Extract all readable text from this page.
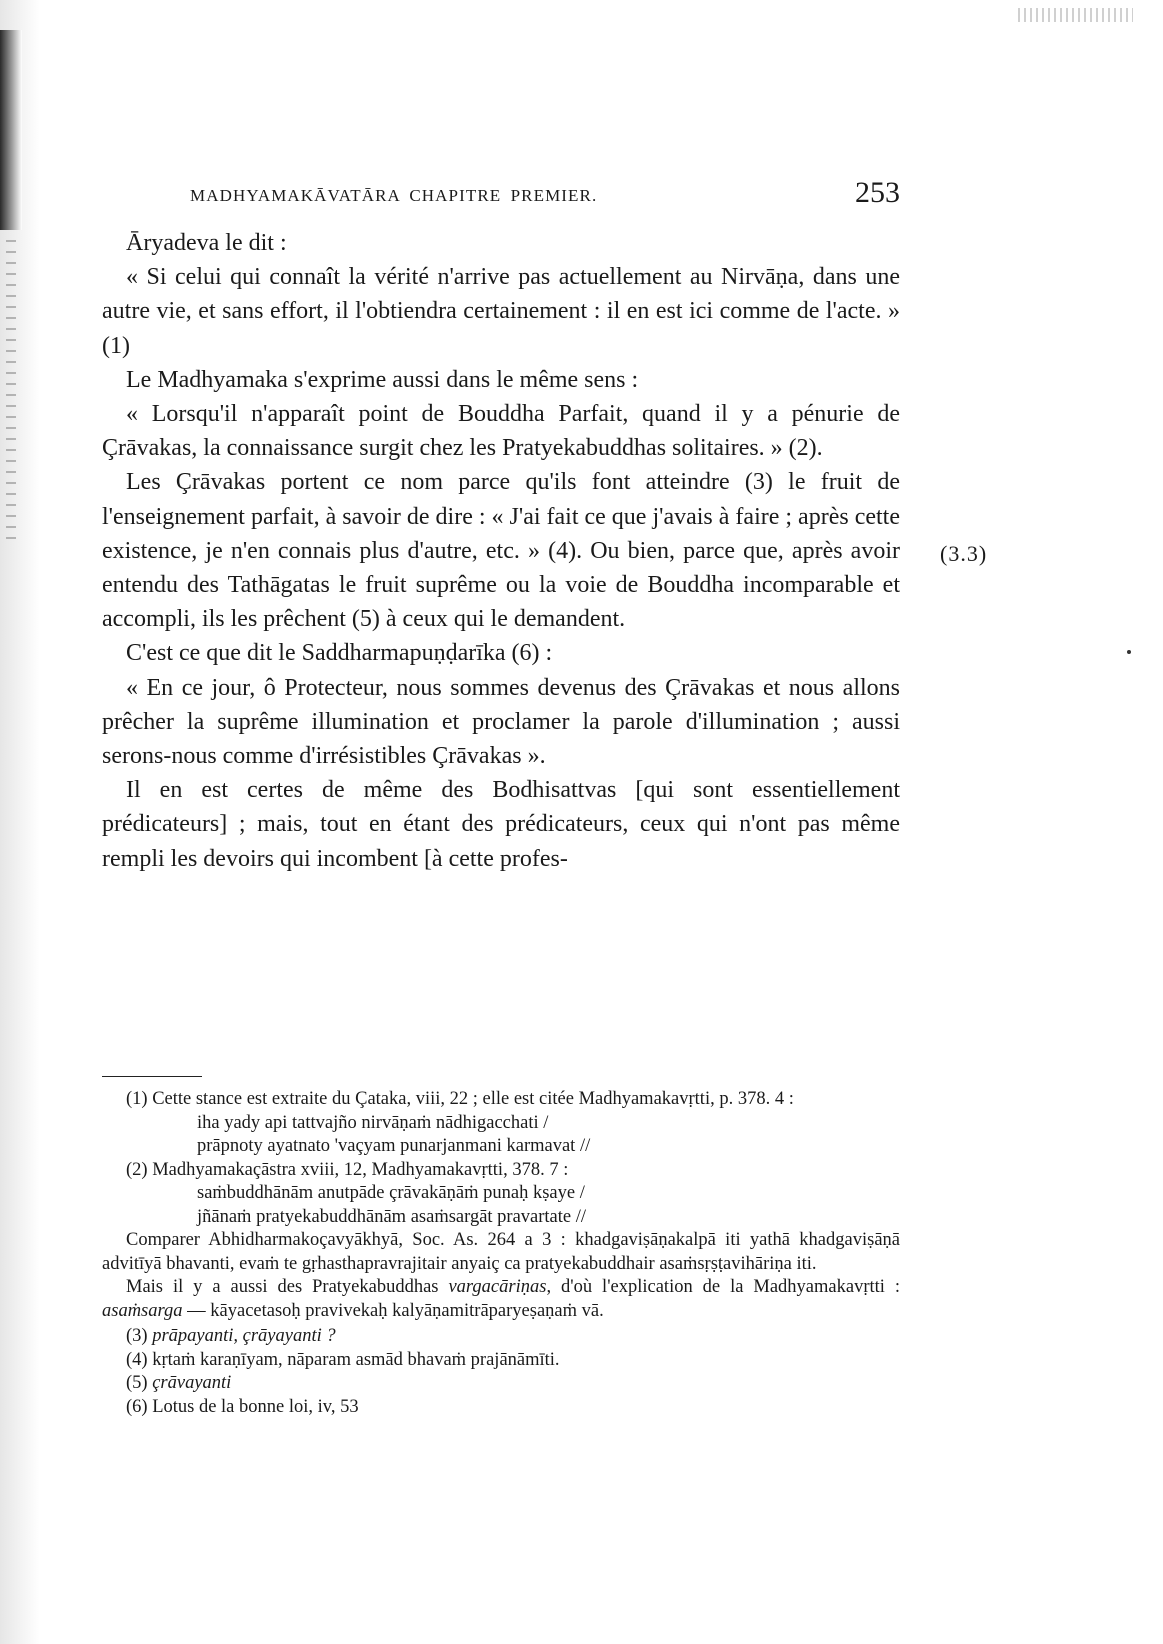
MADHYAMAKĀVATĀRA CHAPITRE PREMIER.	253

Āryadeva le dit :

« Si celui qui connaît la vérité n'arrive pas actuellement au Nirvāṇa, dans une autre vie, et sans effort, il l'obtiendra certainement : il en est ici comme de l'acte. » (1)

Le Madhyamaka s'exprime aussi dans le même sens :

« Lorsqu'il n'apparaît point de Bouddha Parfait, quand il y a pénurie de Çrāvakas, la connaissance surgit chez les Pratyekabuddhas solitaires. » (2).

Les Çrāvakas portent ce nom parce qu'ils font atteindre (3) le fruit de l'enseignement parfait, à savoir de dire : « J'ai fait ce que j'avais à faire ; après cette existence, je n'en connais plus d'autre, etc. » (4). Ou bien, parce que, après avoir entendu des Tathāgatas le fruit suprême ou la voie de Bouddha incomparable et accompli, ils les prêchent (5) à ceux qui le demandent.

C'est ce que dit le Saddharmapuṇḍarīka (6) :

« En ce jour, ô Protecteur, nous sommes devenus des Çrāvakas et nous allons prêcher la suprême illumination et proclamer la parole d'illumination ; aussi serons-nous comme d'irrésistibles Çrāvakas ».

Il en est certes de même des Bodhisattvas [qui sont essentiellement prédicateurs] ; mais, tout en étant des prédicateurs, ceux qui n'ont pas même rempli les devoirs qui incombent [à cette profes-

(3.3)

(1) Cette stance est extraite du Çataka, viii, 22 ; elle est citée Madhyamakavṛtti, p. 378. 4 :

iha yady api tattvajño nirvāṇaṁ nādhigacchati /

prāpnoty ayatnato 'vaçyam punarjanmani karmavat //

(2) Madhyamakaçāstra xviii, 12, Madhyamakavṛtti, 378. 7 :

saṁbuddhānām anutpāde çrāvakāṇāṁ punaḥ kṣaye /

jñānaṁ pratyekabuddhānām asaṁsargāt pravartate //

Comparer Abhidharmakoçavyākhyā, Soc. As. 264 a 3 : khadgaviṣāṇakalpā iti yathā khadgaviṣāṇā advitīyā bhavanti, evaṁ te gṛhasthapravrajitair anyaiç ca pratyekabuddhair asaṁsṛṣṭavihāriṇa iti.

Mais il y a aussi des Pratyekabuddhas vargacāriṇas, d'où l'explication de la Madhyamakavṛtti : asaṁsarga — kāyacetasoḥ pravivekaḥ kalyāṇamitrāparyeṣaṇaṁ vā.

(3) prāpayanti, çrāyayanti ?

(4) kṛtaṁ karaṇīyam, nāparam asmād bhavaṁ prajānāmīti.

(5) çrāvayanti

(6) Lotus de la bonne loi, iv, 53
